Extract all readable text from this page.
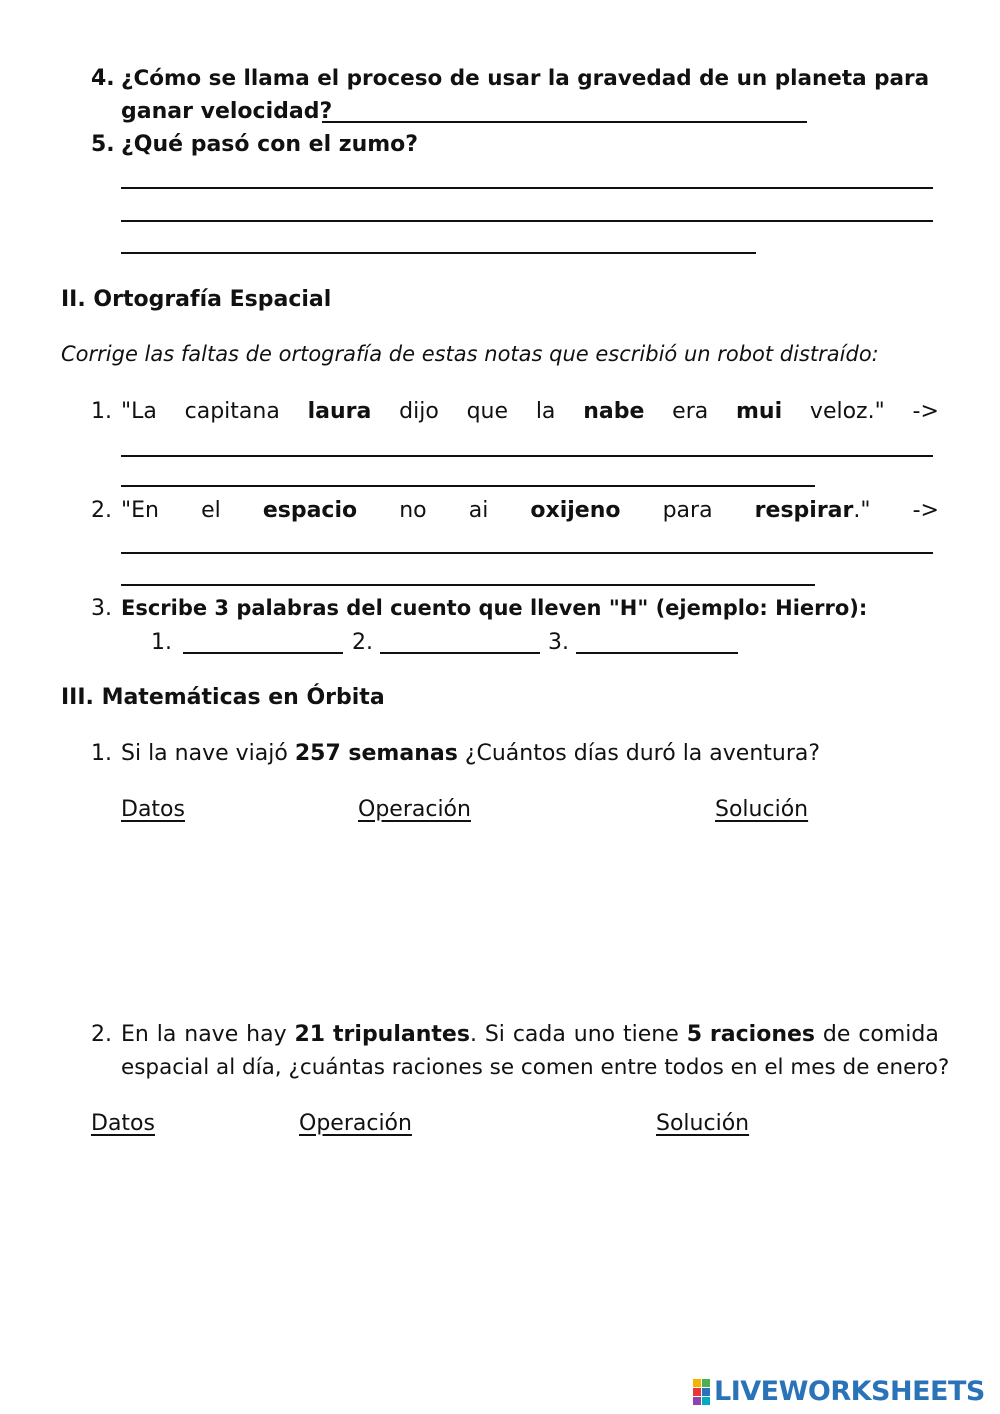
4. ¿Cómo se llama el proceso de usar la gravedad de un planeta para
ganar velocidad?
5. ¿Qué pasó con el zumo?
II. Ortografía Espacial
Corrige las faltas de ortografía de estas notas que escribió un robot distraído:
1. "La capitana laura dijo que la nabe era mui veloz." ->
2. "En el espacio no ai oxijeno para respirar." ->
3. Escribe 3 palabras del cuento que lleven "H" (ejemplo: Hierro):
1.	2.	3.
III. Matemáticas en Órbita
1. Si la nave viajó 257 semanas ¿Cuántos días duró la aventura?
Datos	Operación	Solución
2. En la nave hay 21 tripulantes. Si cada uno tiene 5 raciones de comida
espacial al día, ¿cuántas raciones se comen entre todos en el mes de enero?
Datos	Operación	Solución
LIVEWORKSHEETS
